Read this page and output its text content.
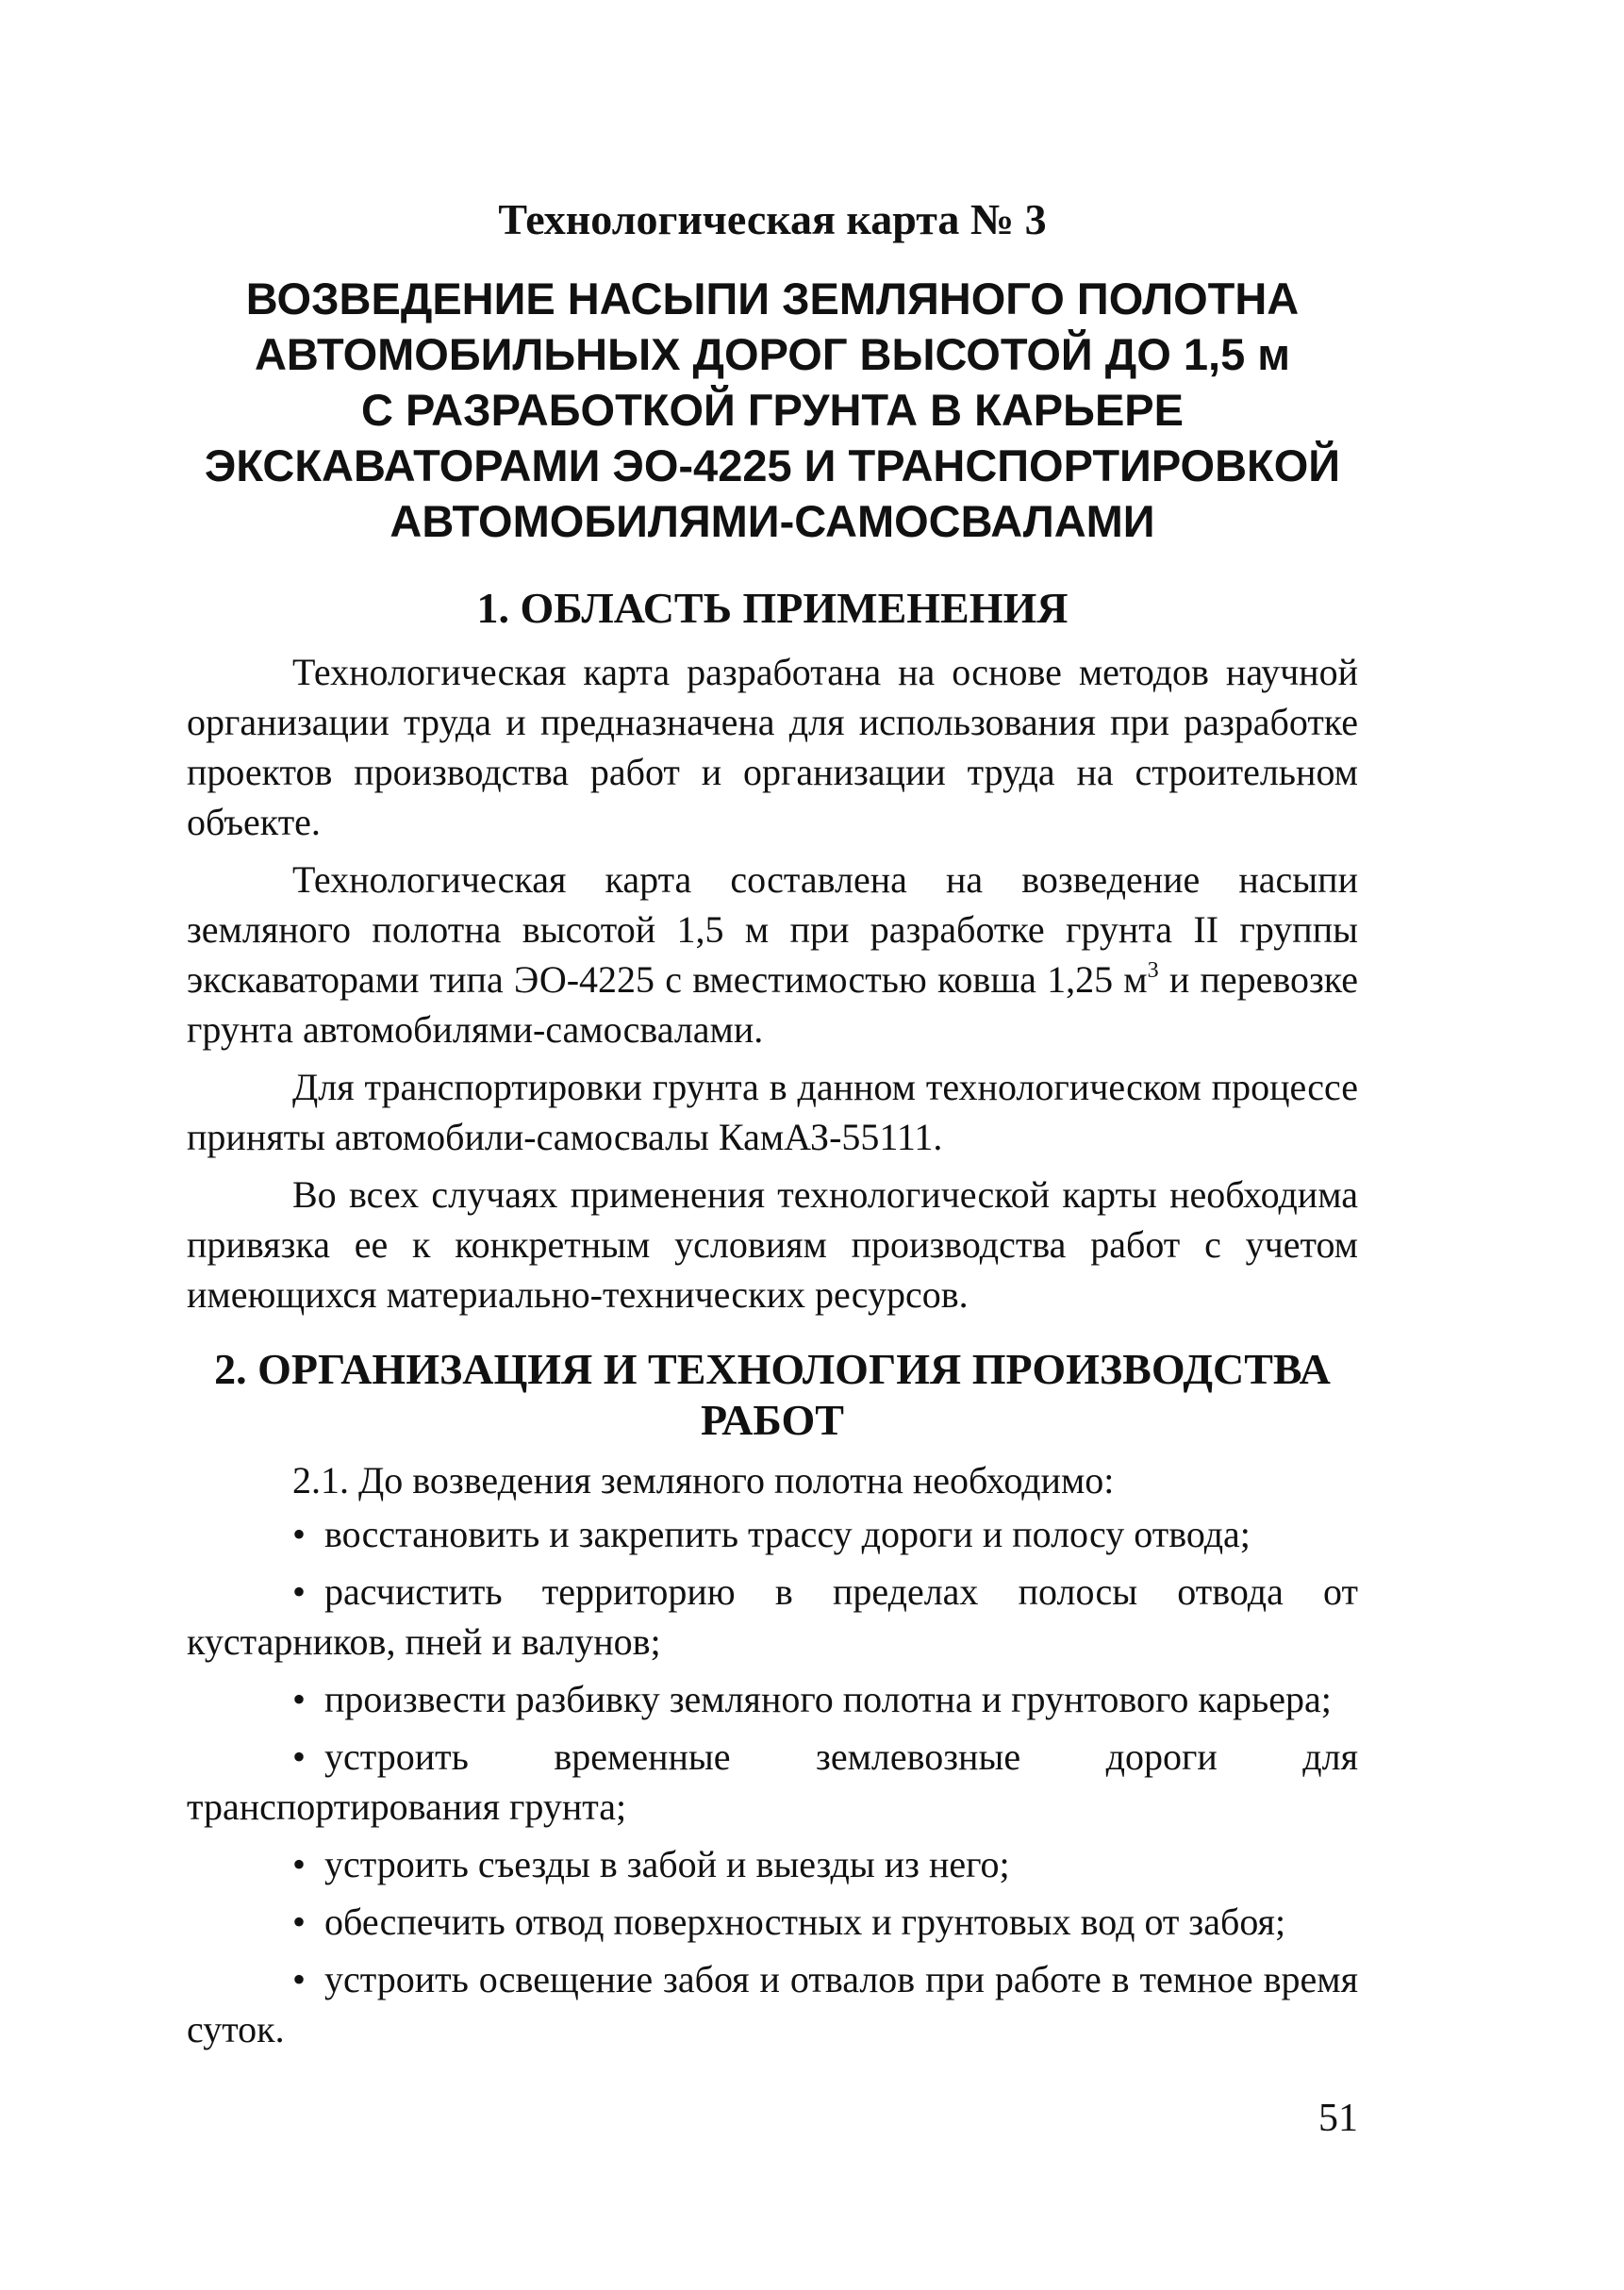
Технологическая карта № 3
ВОЗВЕДЕНИЕ НАСЫПИ ЗЕМЛЯНОГО ПОЛОТНА
АВТОМОБИЛЬНЫХ ДОРОГ ВЫСОТОЙ ДО 1,5 м
С РАЗРАБОТКОЙ ГРУНТА В КАРЬЕРЕ
ЭКСКАВАТОРАМИ ЭО-4225 И ТРАНСПОРТИРОВКОЙ
АВТОМОБИЛЯМИ-САМОСВАЛАМИ
1. ОБЛАСТЬ ПРИМЕНЕНИЯ

Технологическая карта разработана на основе методов научной организации труда и предназначена для использования при разработке проектов производства работ и организации труда на строительном объекте.

Технологическая карта составлена на возведение насыпи земляного полотна высотой 1,5 м при разработке грунта II группы экскаваторами типа ЭО-4225 с вместимостью ковша 1,25 $м^3$ и перевозке грунта автомобилями-самосвалами.

Для транспортировки грунта в данном технологическом процессе приняты автомобили-самосвалы КамАЗ-55111.

Во всех случаях применения технологической карты необходима привязка ее к конкретным условиям производства работ с учетом имеющихся материально-технических ресурсов.

2. ОРГАНИЗАЦИЯ И ТЕХНОЛОГИЯ ПРОИЗВОДСТВА РАБОТ

2.1. До возведения земляного полотна необходимо:

• восстановить и закрепить трассу дороги и полосу отвода;

• расчистить территорию в пределах полосы отвода от кустарников, пней и валунов;

• произвести разбивку земляного полотна и грунтового карьера;

• устроить временные землевозные дороги для транспортирования грунта;

• устроить съезды в забой и выезды из него;

• обеспечить отвод поверхностных и грунтовых вод от забоя;

• устроить освещение забоя и отвалов при работе в темное время суток.

51
